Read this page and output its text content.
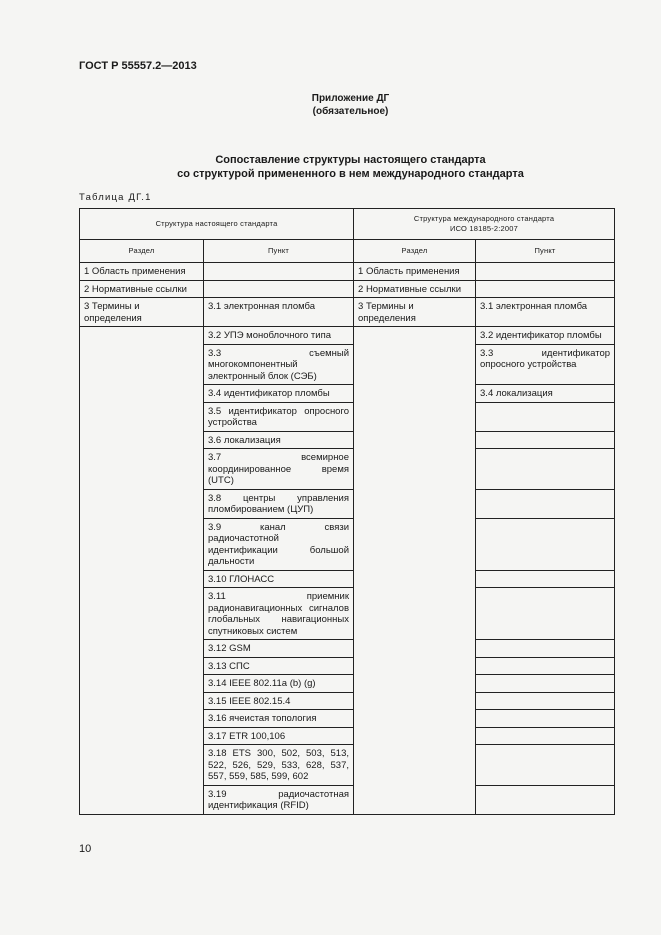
ГОСТ Р 55557.2—2013
Приложение ДГ
(обязательное)
Сопоставление структуры настоящего стандарта
со структурой примененного в нем международного стандарта
Таблица ДГ.1
Структура настоящего стандарта		Структура международного стандарта
ИСО 18185-2:2007	
Раздел	Пункт	Раздел	Пункт
1 Область применения		1 Область применения	
2 Нормативные ссылки		2 Нормативные ссылки	
3 Термины и определения	3.1 электронная пломба	3 Термины и определения	3.1 электронная пломба
	3.2 УПЭ моноблочного типа		3.2 идентификатор пломбы
	3.3 съемный многокомпонентный электронный блок (СЭБ)		3.3 идентификатор опросного устройства
	3.4 идентификатор пломбы		3.4 локализация
	3.5 идентификатор опросного устройства		
	3.6 локализация		
	3.7 всемирное координированное время (UTC)		
	3.8 центры управления пломбированием (ЦУП)		
	3.9 канал связи радиочастотной идентификации большой дальности		
	3.10 ГЛОНАСС		
	3.11 приемник радионавигационных сигналов глобальных навигационных спутниковых систем		
	3.12 GSM		
	3.13 СПС		
	3.14 IEEE 802.11a (b) (g)		
	3.15 IEEE 802.15.4		
	3.16 ячеистая топология		
	3.17 ETR 100,106		
	3.18 ETS 300, 502, 503, 513, 522, 526, 529, 533, 628, 537, 557, 559, 585, 599, 602		
	3.19 радиочастотная идентификация (RFID)		
10
